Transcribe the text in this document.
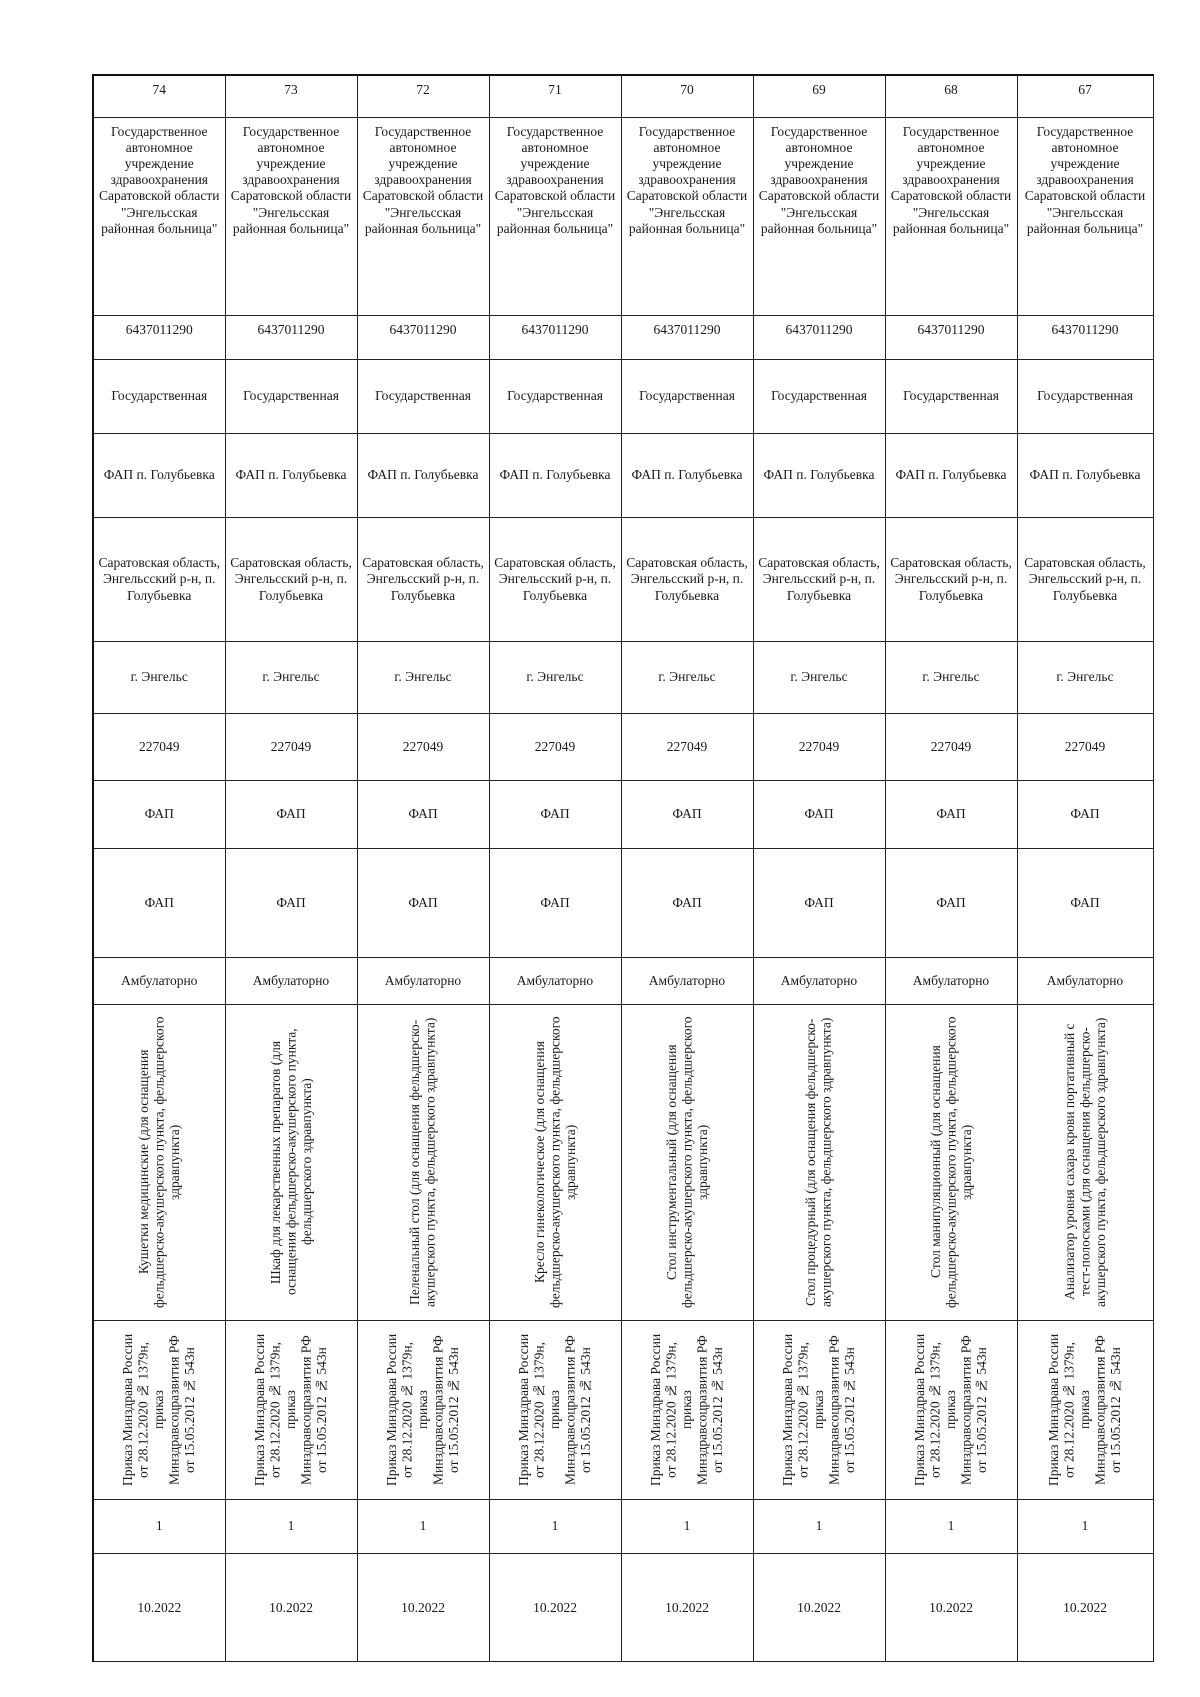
74	73	72	71	70	69	68	67

Государственное автономное учреждение здравоохранения Саратовской области "Энгельсская районная больница"	Государственное автономное учреждение здравоохранения Саратовской области "Энгельсская районная больница"	Государственное автономное учреждение здравоохранения Саратовской области "Энгельсская районная больница"	Государственное автономное учреждение здравоохранения Саратовской области "Энгельсская районная больница"	Государственное автономное учреждение здравоохранения Саратовской области "Энгельсская районная больница"	Государственное автономное учреждение здравоохранения Саратовской области "Энгельсская районная больница"	Государственное автономное учреждение здравоохранения Саратовской области "Энгельсская районная больница"	Государственное автономное учреждение здравоохранения Саратовской области "Энгельсская районная больница"

6437011290	6437011290	6437011290	6437011290	6437011290	6437011290	6437011290	6437011290

Государственная	Государственная	Государственная	Государственная	Государственная	Государственная	Государственная	Государственная

ФАП п. Голубьевка	ФАП п. Голубьевка	ФАП п. Голубьевка	ФАП п. Голубьевка	ФАП п. Голубьевка	ФАП п. Голубьевка	ФАП п. Голубьевка	ФАП п. Голубьевка

Саратовская область, Энгельсский р-н, п. Голубьевка	Саратовская область, Энгельсский р-н, п. Голубьевка	Саратовская область, Энгельсский р-н, п. Голубьевка	Саратовская область, Энгельсский р-н, п. Голубьевка	Саратовская область, Энгельсский р-н, п. Голубьевка	Саратовская область, Энгельсский р-н, п. Голубьевка	Саратовская область, Энгельсский р-н, п. Голубьевка	Саратовская область, Энгельсский р-н, п. Голубьевка

г. Энгельс	г. Энгельс	г. Энгельс	г. Энгельс	г. Энгельс	г. Энгельс	г. Энгельс	г. Энгельс

227049	227049	227049	227049	227049	227049	227049	227049

ФАП	ФАП	ФАП	ФАП	ФАП	ФАП	ФАП	ФАП

ФАП	ФАП	ФАП	ФАП	ФАП	ФАП	ФАП	ФАП

Амбулаторно	Амбулаторно	Амбулаторно	Амбулаторно	Амбулаторно	Амбулаторно	Амбулаторно	Амбулаторно

Кушетки медицинские (для оснащения фельдшерско-акушерского пункта, фельдшерского здравпункта)	Шкаф для лекарственных препаратов (для оснащения фельдшерско-акушерского пункта, фельдшерского здравпункта)	Пеленальный стол (для оснащения фельдшерско-акушерского пункта, фельдшерского здравпункта)	Кресло гинекологическое (для оснащения фельдшерско-акушерского пункта, фельдшерского здравпункта)	Стол инструментальный (для оснащения фельдшерско-акушерского пункта, фельдшерского здравпункта)	Стол процедурный (для оснащения фельдшерско-акушерского пункта, фельдшерского здравпункта)	Стол манипуляционный (для оснащения фельдшерско-акушерского пункта, фельдшерского здравпункта)	Анализатор уровня сахара крови портативный с тест-полосками (для оснащения фельдшерско-акушерского пункта, фельдшерского здравпункта)

Приказ Минздрава России от 28.12.2020 № 1379н, приказ Минздравсоцразвития РФ от 15.05.2012 № 543н	Приказ Минздрава России от 28.12.2020 № 1379н, приказ Минздравсоцразвития РФ от 15.05.2012 № 543н	Приказ Минздрава России от 28.12.2020 № 1379н, приказ Минздравсоцразвития РФ от 15.05.2012 № 543н	Приказ Минздрава России от 28.12.2020 № 1379н, приказ Минздравсоцразвития РФ от 15.05.2012 № 543н	Приказ Минздрава России от 28.12.2020 № 1379н, приказ Минздравсоцразвития РФ от 15.05.2012 № 543н	Приказ Минздрава России от 28.12.2020 № 1379н, приказ Минздравсоцразвития РФ от 15.05.2012 № 543н	Приказ Минздрава России от 28.12.2020 № 1379н, приказ Минздравсоцразвития РФ от 15.05.2012 № 543н	Приказ Минздрава России от 28.12.2020 № 1379н, приказ Минздравсоцразвития РФ от 15.05.2012 № 543н

1	1	1	1	1	1	1	1

10.2022	10.2022	10.2022	10.2022	10.2022	10.2022	10.2022	10.2022
